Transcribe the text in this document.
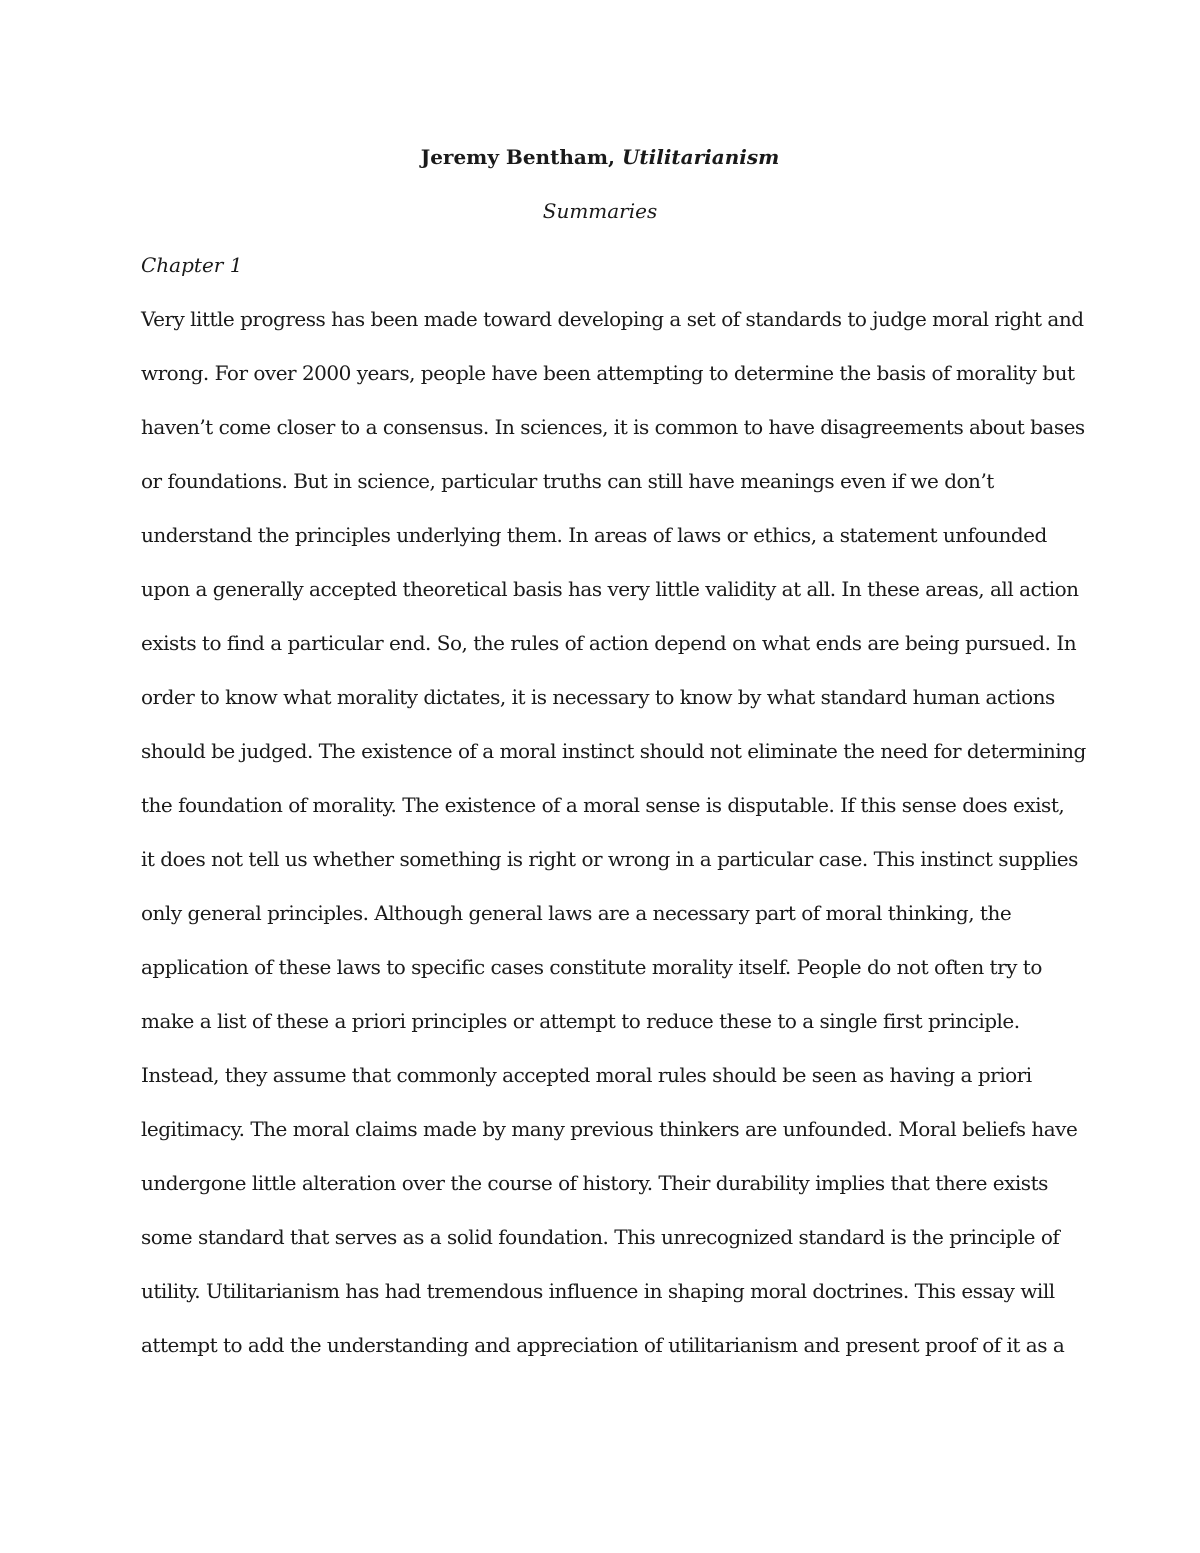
Jeremy Bentham, Utilitarianism
Summaries
Chapter 1
Very little progress has been made toward developing a set of standards to judge moral right and
wrong. For over 2000 years, people have been attempting to determine the basis of morality but
haven’t come closer to a consensus. In sciences, it is common to have disagreements about bases
or foundations. But in science, particular truths can still have meanings even if we don’t
understand the principles underlying them. In areas of laws or ethics, a statement unfounded
upon a generally accepted theoretical basis has very little validity at all. In these areas, all action
exists to find a particular end. So, the rules of action depend on what ends are being pursued. In
order to know what morality dictates, it is necessary to know by what standard human actions
should be judged. The existence of a moral instinct should not eliminate the need for determining
the foundation of morality. The existence of a moral sense is disputable. If this sense does exist,
it does not tell us whether something is right or wrong in a particular case. This instinct supplies
only general principles. Although general laws are a necessary part of moral thinking, the
application of these laws to specific cases constitute morality itself. People do not often try to
make a list of these a priori principles or attempt to reduce these to a single first principle.
Instead, they assume that commonly accepted moral rules should be seen as having a priori
legitimacy. The moral claims made by many previous thinkers are unfounded. Moral beliefs have
undergone little alteration over the course of history. Their durability implies that there exists
some standard that serves as a solid foundation. This unrecognized standard is the principle of
utility. Utilitarianism has had tremendous influence in shaping moral doctrines. This essay will
attempt to add the understanding and appreciation of utilitarianism and present proof of it as a
